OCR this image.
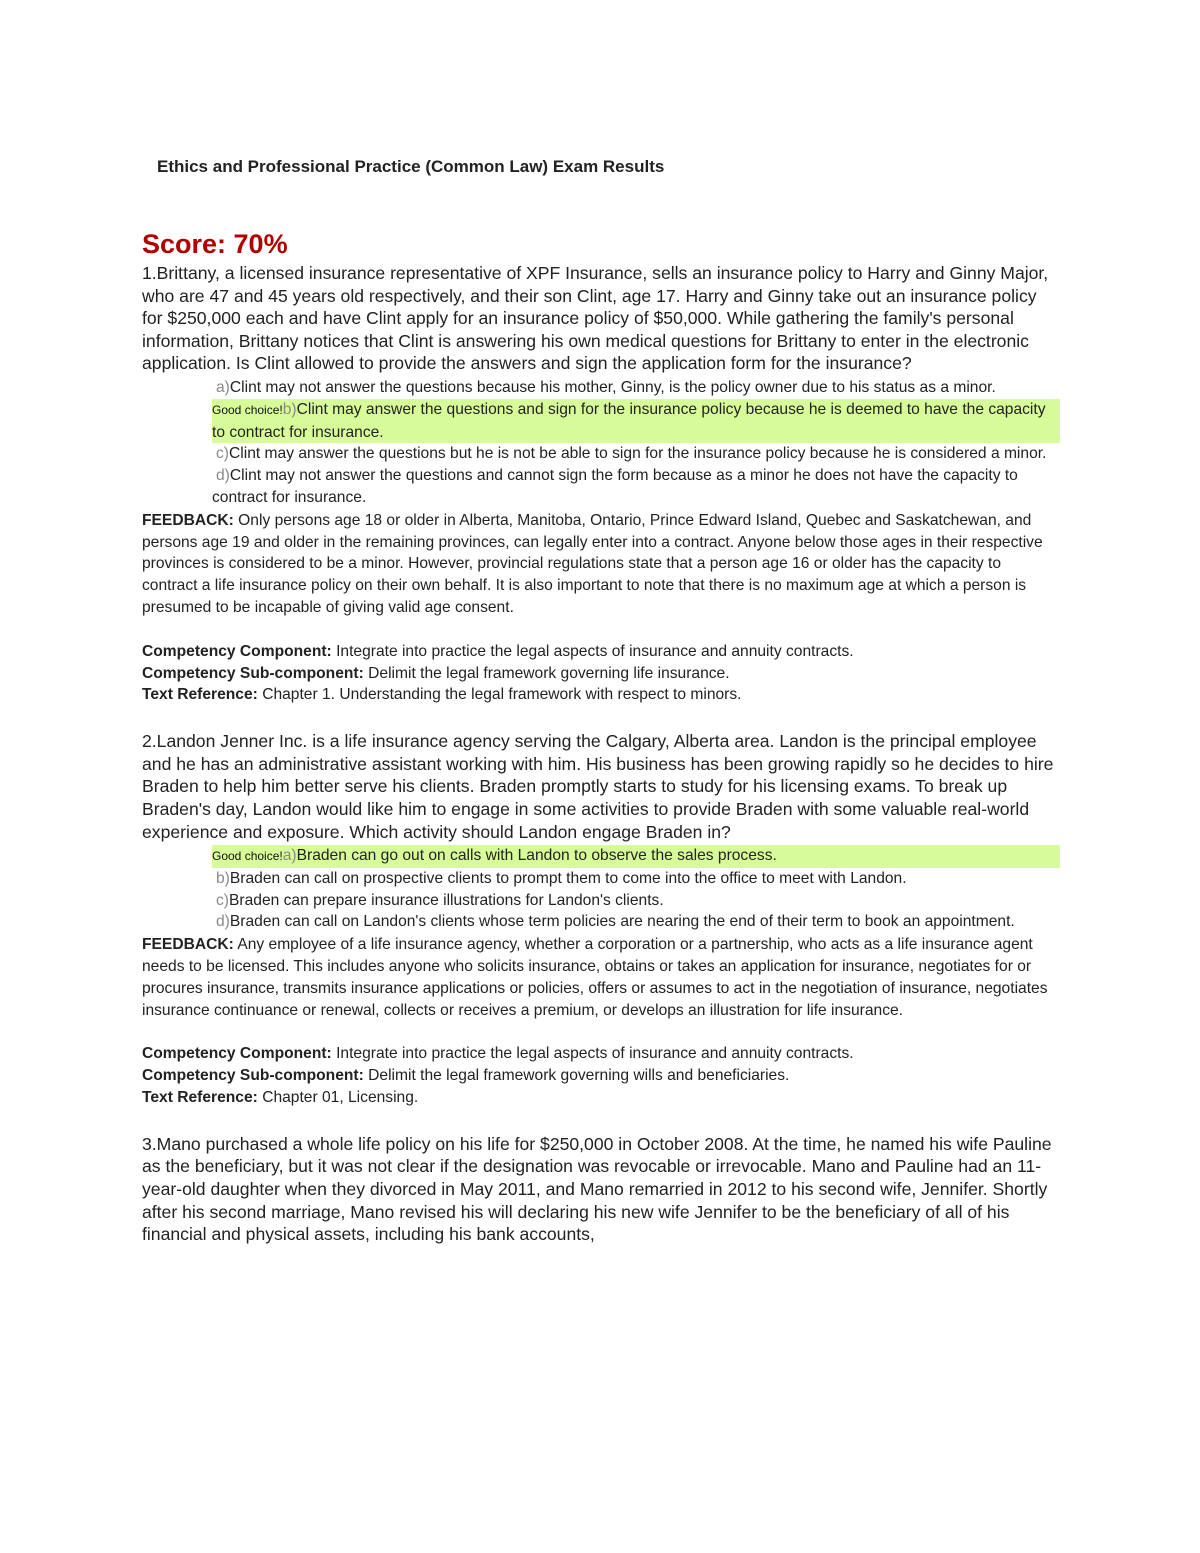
Ethics and Professional Practice (Common Law) Exam Results
Score: 70%
1.Brittany, a licensed insurance representative of XPF Insurance, sells an insurance policy to Harry and Ginny Major, who are 47 and 45 years old respectively, and their son Clint, age 17. Harry and Ginny take out an insurance policy for $250,000 each and have Clint apply for an insurance policy of $50,000. While gathering the family's personal information, Brittany notices that Clint is answering his own medical questions for Brittany to enter in the electronic application. Is Clint allowed to provide the answers and sign the application form for the insurance?
a)Clint may not answer the questions because his mother, Ginny, is the policy owner due to his status as a minor.
Good choice!b)Clint may answer the questions and sign for the insurance policy because he is deemed to have the capacity to contract for insurance.
c)Clint may answer the questions but he is not be able to sign for the insurance policy because he is considered a minor.
d)Clint may not answer the questions and cannot sign the form because as a minor he does not have the capacity to contract for insurance.
FEEDBACK: Only persons age 18 or older in Alberta, Manitoba, Ontario, Prince Edward Island, Quebec and Saskatchewan, and persons age 19 and older in the remaining provinces, can legally enter into a contract. Anyone below those ages in their respective provinces is considered to be a minor. However, provincial regulations state that a person age 16 or older has the capacity to contract a life insurance policy on their own behalf. It is also important to note that there is no maximum age at which a person is presumed to be incapable of giving valid age consent.
Competency Component: Integrate into practice the legal aspects of insurance and annuity contracts.
Competency Sub-component: Delimit the legal framework governing life insurance.
Text Reference: Chapter 1. Understanding the legal framework with respect to minors.
2.Landon Jenner Inc. is a life insurance agency serving the Calgary, Alberta area. Landon is the principal employee and he has an administrative assistant working with him. His business has been growing rapidly so he decides to hire Braden to help him better serve his clients. Braden promptly starts to study for his licensing exams. To break up Braden's day, Landon would like him to engage in some activities to provide Braden with some valuable real-world experience and exposure. Which activity should Landon engage Braden in?
Good choice!a)Braden can go out on calls with Landon to observe the sales process.
b)Braden can call on prospective clients to prompt them to come into the office to meet with Landon.
c)Braden can prepare insurance illustrations for Landon's clients.
d)Braden can call on Landon's clients whose term policies are nearing the end of their term to book an appointment.
FEEDBACK: Any employee of a life insurance agency, whether a corporation or a partnership, who acts as a life insurance agent needs to be licensed. This includes anyone who solicits insurance, obtains or takes an application for insurance, negotiates for or procures insurance, transmits insurance applications or policies, offers or assumes to act in the negotiation of insurance, negotiates insurance continuance or renewal, collects or receives a premium, or develops an illustration for life insurance.
Competency Component: Integrate into practice the legal aspects of insurance and annuity contracts.
Competency Sub-component: Delimit the legal framework governing wills and beneficiaries.
Text Reference: Chapter 01, Licensing.
3.Mano purchased a whole life policy on his life for $250,000 in October 2008. At the time, he named his wife Pauline as the beneficiary, but it was not clear if the designation was revocable or irrevocable. Mano and Pauline had an 11-year-old daughter when they divorced in May 2011, and Mano remarried in 2012 to his second wife, Jennifer. Shortly after his second marriage, Mano revised his will declaring his new wife Jennifer to be the beneficiary of all of his financial and physical assets, including his bank accounts,
